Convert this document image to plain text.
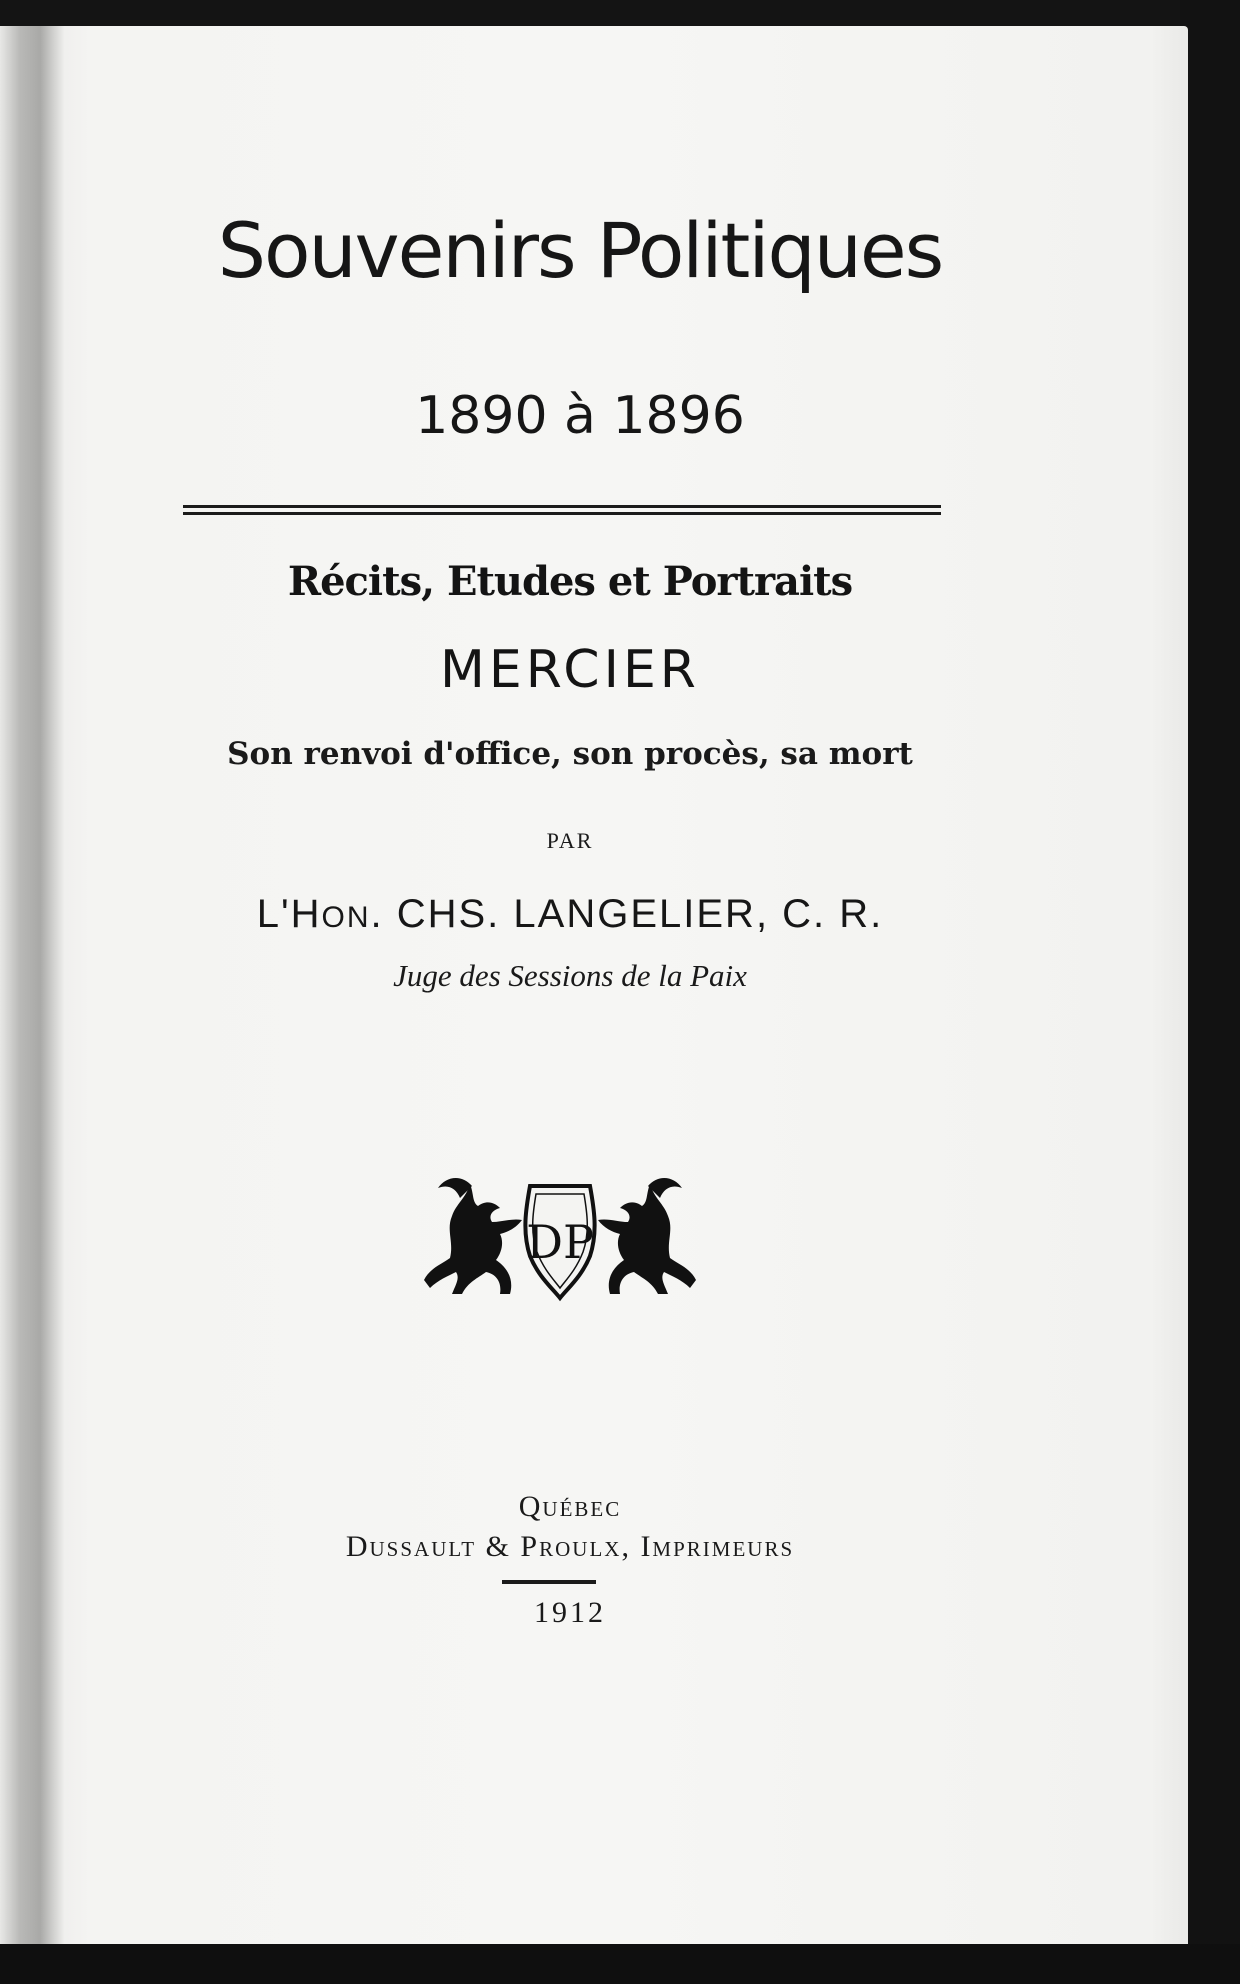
Souvenirs Politiques
1890 à 1896
Récits, Etudes et Portraits
MERCIER
Son renvoi d'office, son procès, sa mort
PAR
L'HON. CHS. LANGELIER, C. R.
Juge des Sessions de la Paix
DP
Québec
Dussault & Proulx, Imprimeurs
1912
